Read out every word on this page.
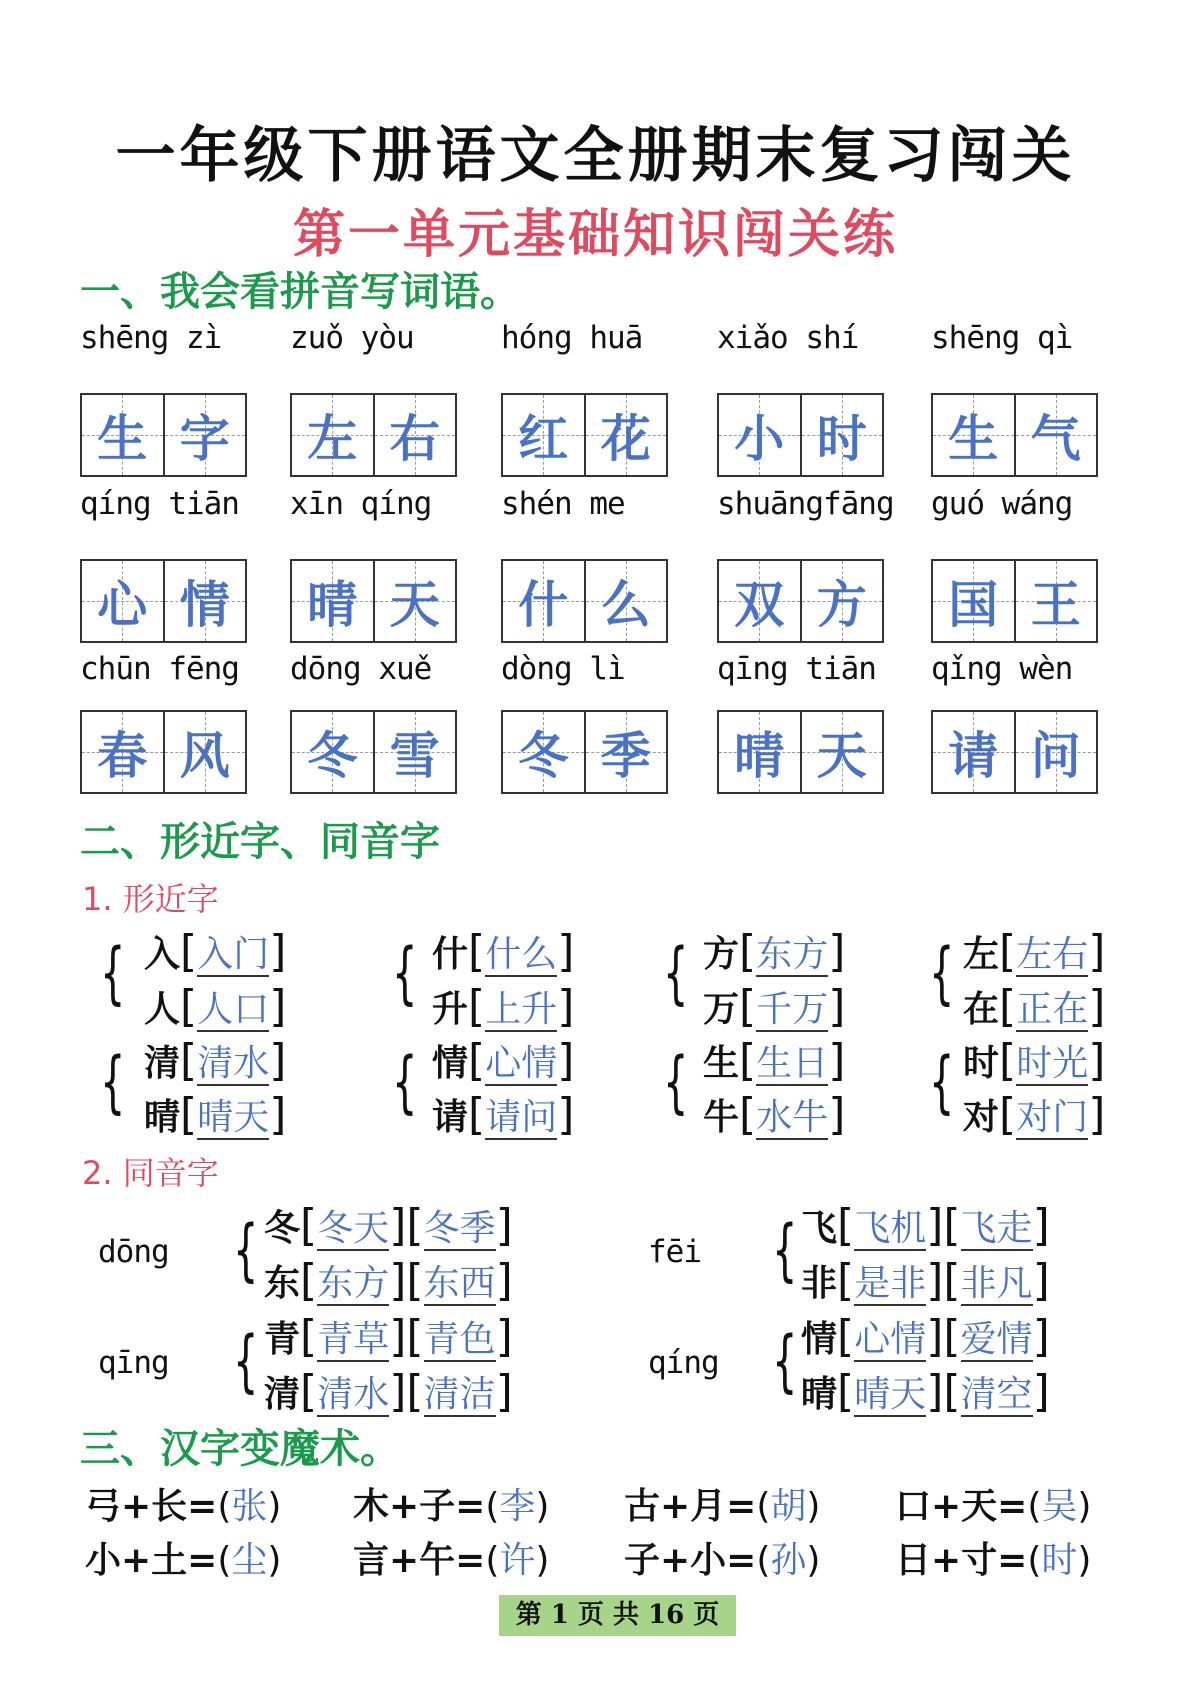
一年级下册语文全册期末复习闯关
第一单元基础知识闯关练
一、我会看拼音写词语。
shēng zì
生 字
zuǒ yòu
左 右
hóng huā
红 花
xiǎo shí
小 时
shēng qì
生 气
qíng tiān
心 情
xīn qíng
晴 天
shén me
什 么
shuāngfāng
双 方
guó wáng
国 王
chūn fēng
春 风
dōng xuě
冬 雪
dòng lì
冬 季
qīng tiān
晴 天
qǐng wèn
请 问
二、形近字、同音字
1. 形近字
{ 入[入门]
人[人口]	{ 什[什么]
升[上升] { 方[东方]
万[千万] { 左[左右]
在[正在]
{ 清[清水]
晴[晴天]	{ 情[心情]
请[请问] { 生[生日]
牛[水牛] { 时[时光]
对[对门]
2. 同音字
dōng { 冬[冬天][冬季]
东[东方][东西]
fēi { 飞[飞机][飞走]
非[是非][非凡]
qīng { 青[青草][青色]
清[清水][清洁]
qíng { 情[心情][爱情]
晴[晴天][清空]
三、汉字变魔术。
弓+长=(张) 木+子=(李) 古+月=(胡) 口+天=(吴)
小+土=(尘) 言+午=(许) 子+小=(孙) 日+寸=(时)
第 1 页 共 16 页
